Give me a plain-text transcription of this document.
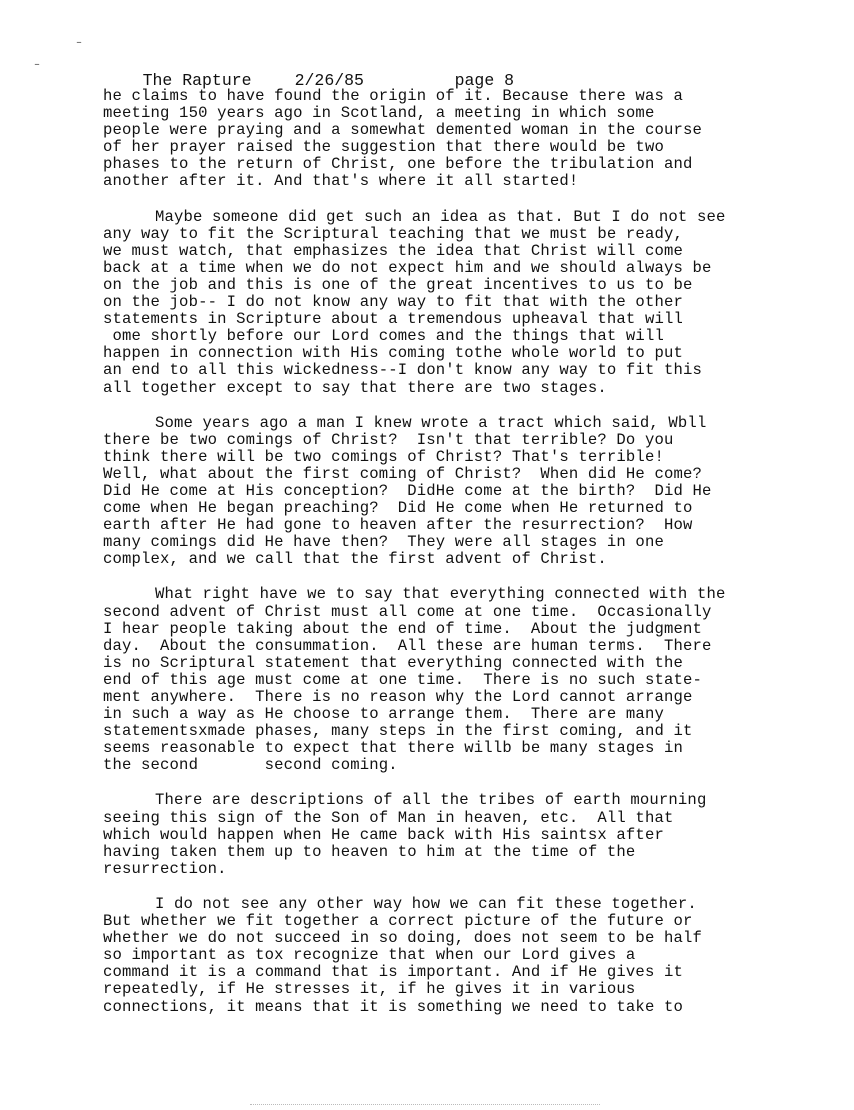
‒
–

The Rapture	2/26/85	page 8

he claims to have found the origin of it. Because there was a
meeting 150 years ago in Scotland, a meeting in which some
people were praying and a somewhat demented woman in the course
of her prayer raised the suggestion that there would be two
phases to the return of Christ, one before the tribulation and
another after it. And that's where it all started!
Maybe someone did get such an idea as that. But I do not see
any way to fit the Scriptural teaching that we must be ready,
we must watch, that emphasizes the idea that Christ will come
back at a time when we do not expect him and we should always be
on the job and this is one of the great incentives to us to be
on the job-- I do not know any way to fit that with the other
statements in Scripture about a tremendous upheaval that will
ome shortly before our Lord comes and the things that will
happen in connection with His coming tothe whole world to put
an end to all this wickedness--I don't know any way to fit this
all together except to say that there are two stages.
Some years ago a man I knew wrote a tract which said, Wbll
there be two comings of Christ?  Isn't that terrible? Do you
think there will be two comings of Christ? That's terrible!
Well, what about the first coming of Christ?  When did He come?
Did He come at His conception?  DidHe come at the birth?  Did He
come when He began preaching?  Did He come when He returned to
earth after He had gone to heaven after the resurrection?  How
many comings did He have then?  They were all stages in one
complex, and we call that the first advent of Christ.
What right have we to say that everything connected with the
second advent of Christ must all come at one time.  Occasionally
I hear people taking about the end of time.  About the judgment
day.  About the consummation.  All these are human terms.  There
is no Scriptural statement that everything connected with the
end of this age must come at one time.  There is no such state-
ment anywhere.  There is no reason why the Lord cannot arrange
in such a way as He choose to arrange them.  There are many
statementsxmade phases, many steps in the first coming, and it
seems reasonable to expect that there willb be many stages in
the second       second coming.
There are descriptions of all the tribes of earth mourning
seeing this sign of the Son of Man in heaven, etc.  All that
which would happen when He came back with His saintsx after
having taken them up to heaven to him at the time of the
resurrection.
I do not see any other way how we can fit these together.
But whether we fit together a correct picture of the future or
whether we do not succeed in so doing, does not seem to be half
so important as tox recognize that when our Lord gives a
command it is a command that is important. And if He gives it
repeatedly, if He stresses it, if he gives it in various
connections, it means that it is something we need to take to
